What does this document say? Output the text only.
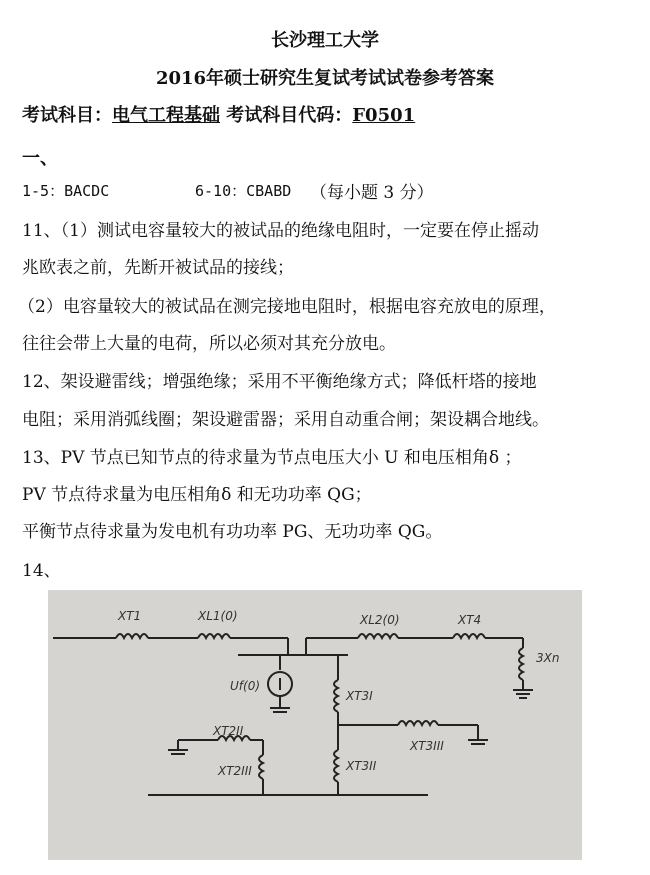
长沙理工大学
2016年硕士研究生复试考试试卷参考答案
考试科目：电气工程基础 考试科目代码：F0501
一、
1-5：BACDC	6-10：CBABD （每小题 3 分）
11、（1）测试电容量较大的被试品的绝缘电阻时，一定要在停止摇动
兆欧表之前，先断开被试品的接线；
（2）电容量较大的被试品在测完接地电阻时，根据电容充放电的原理，
往往会带上大量的电荷，所以必须对其充分放电。
12、架设避雷线；增强绝缘；采用不平衡绝缘方式；降低杆塔的接地
电阻；采用消弧线圈；架设避雷器；采用自动重合闸；架设耦合地线。
13、PV 节点已知节点的待求量为节点电压大小 U 和电压相角δ ；
PV 节点待求量为电压相角δ 和无功功率 QG；
平衡节点待求量为发电机有功功率 PG、无功功率 QG。
14、
XT1	XL1(0)	XL2(0)	XT4
3Xn
Uf(0)
XT3I
XT2II
XT2III
XT3III
XT3II
